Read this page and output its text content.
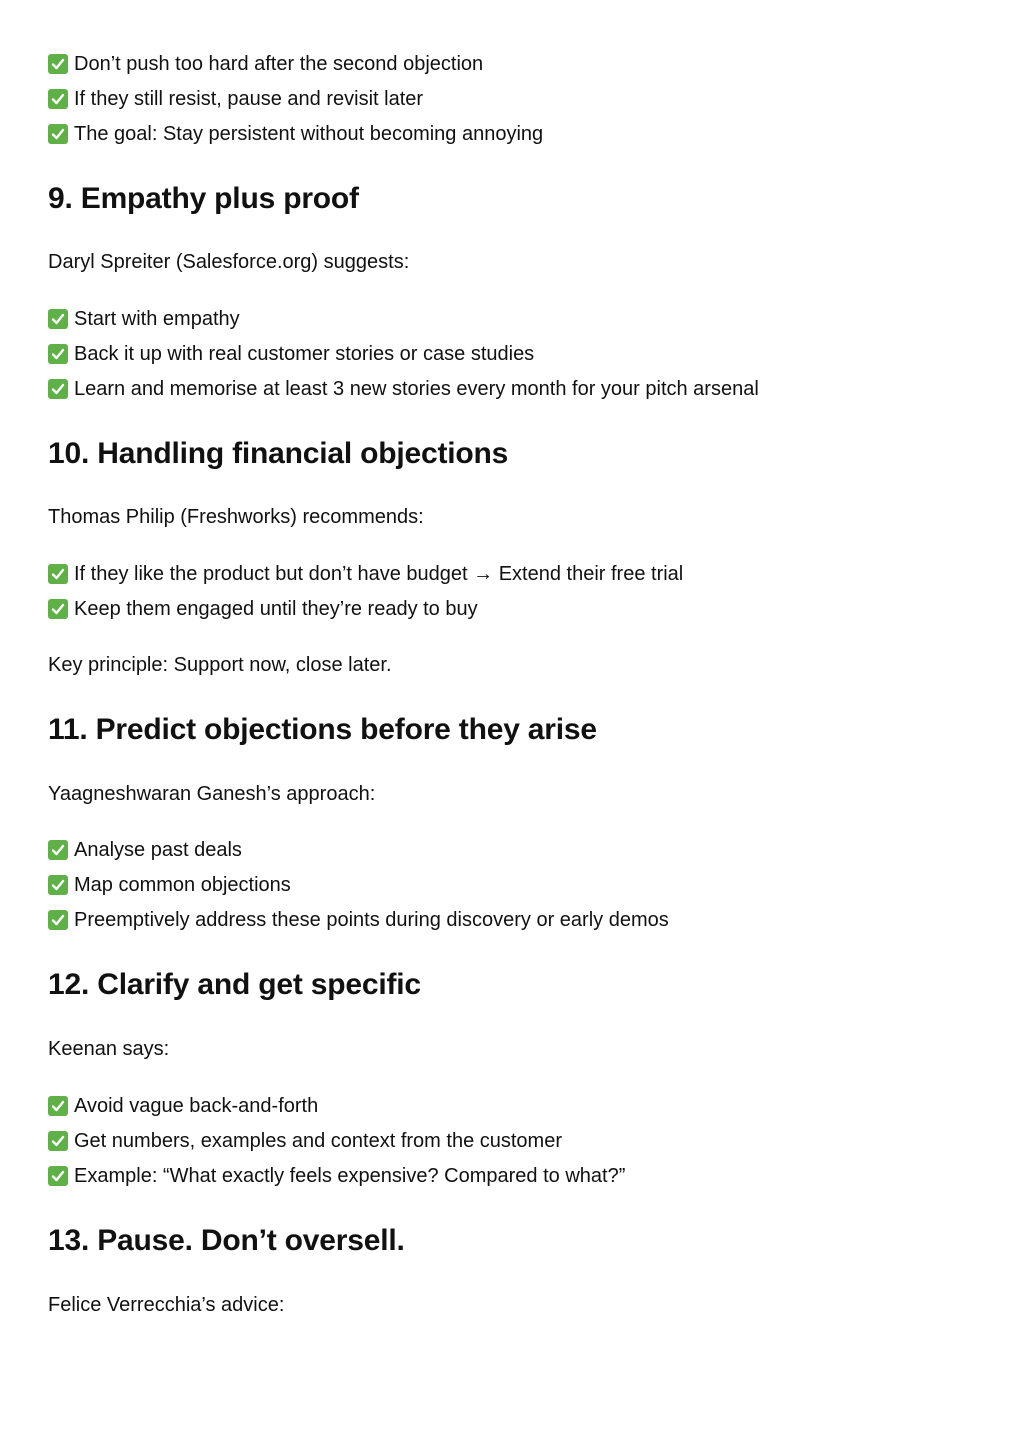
Don’t push too hard after the second objection
If they still resist, pause and revisit later
The goal: Stay persistent without becoming annoying
9. Empathy plus proof

Daryl Spreiter (Salesforce.org) suggests:

Start with empathy
Back it up with real customer stories or case studies
Learn and memorise at least 3 new stories every month for your pitch arsenal
10. Handling financial objections

Thomas Philip (Freshworks) recommends:

If they like the product but don’t have budget → Extend their free trial
Keep them engaged until they’re ready to buy

Key principle: Support now, close later.

11. Predict objections before they arise

Yaagneshwaran Ganesh’s approach:

Analyse past deals
Map common objections
Preemptively address these points during discovery or early demos
12. Clarify and get specific

Keenan says:

Avoid vague back-and-forth
Get numbers, examples and context from the customer
Example: “What exactly feels expensive? Compared to what?”
13. Pause. Don’t oversell.

Felice Verrecchia’s advice:
